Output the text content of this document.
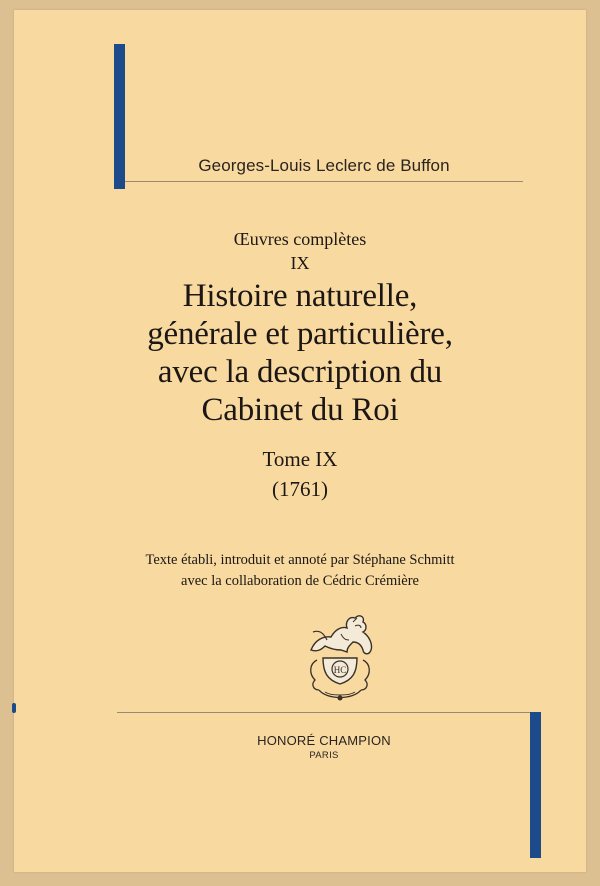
Georges-Louis Leclerc de Buffon

Œuvres complètes

IX

Histoire naturelle,
générale et particulière,
avec la description du
Cabinet du Roi

Tome IX

(1761)

Texte établi, introduit et annoté par Stéphane Schmitt

avec la collaboration de Cédric Crémière

HC
HONORÉ CHAMPION
PARIS
